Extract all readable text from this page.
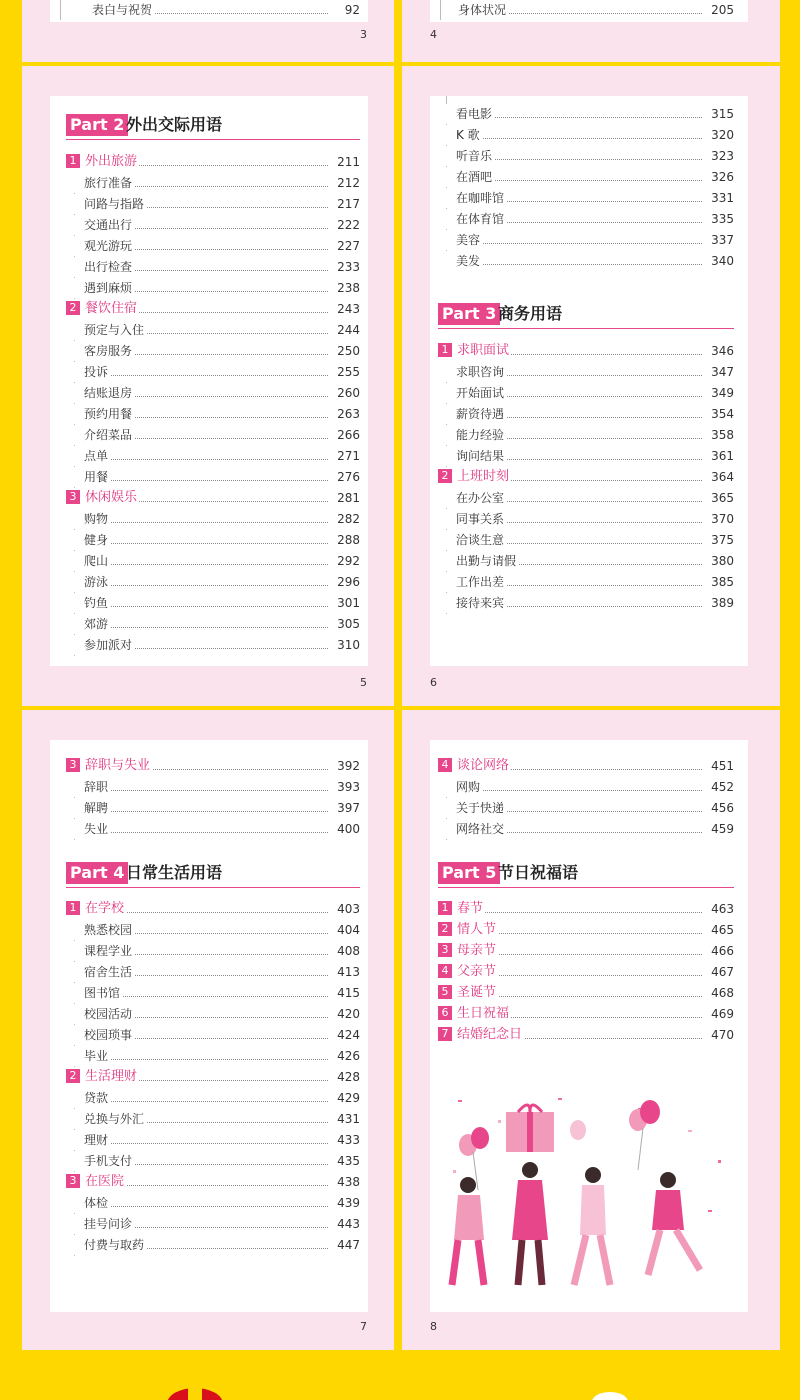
表白与祝贺	92
3
身体状况	205
4
Part 2 外出交际用语
1 外出旅游	211
旅行准备	212
问路与指路	217
交通出行	222
观光游玩	227
出行检查	233
遇到麻烦	238
2 餐饮住宿	243
预定与入住	244
客房服务	250
投诉	255
结账退房	260
预约用餐	263
介绍菜品	266
点单	271
用餐	276
3 休闲娱乐	281
购物	282
健身	288
爬山	292
游泳	296
钓鱼	301
郊游	305
参加派对	310
5
Part 3 商务用语
看电影	315
K 歌	320
听音乐	323
在酒吧	326
在咖啡馆	331
在体育馆	335
美容	337
美发	340
1 求职面试	346
求职咨询	347
开始面试	349
薪资待遇	354
能力经验	358
询问结果	361
2 上班时刻	364
在办公室	365
同事关系	370
洽谈生意	375
出勤与请假	380
工作出差	385
接待来宾	389
6
Part 4 日常生活用语
3 辞职与失业	392
辞职	393
解聘	397
失业	400
1 在学校	403
熟悉校园	404
课程学业	408
宿舍生活	413
图书馆	415
校园活动	420
校园琐事	424
毕业	426
2 生活理财	428
贷款	429
兑换与外汇	431
理财	433
手机支付	435
3 在医院	438
体检	439
挂号问诊	443
付费与取药	447
7
Part 5 节日祝福语
4 谈论网络	451
网购	452
关于快递	456
网络社交	459
1 春节	463
2 情人节	465
3 母亲节	466
4 父亲节	467
5 圣诞节	468
6 生日祝福	469
7 结婚纪念日	470
8
